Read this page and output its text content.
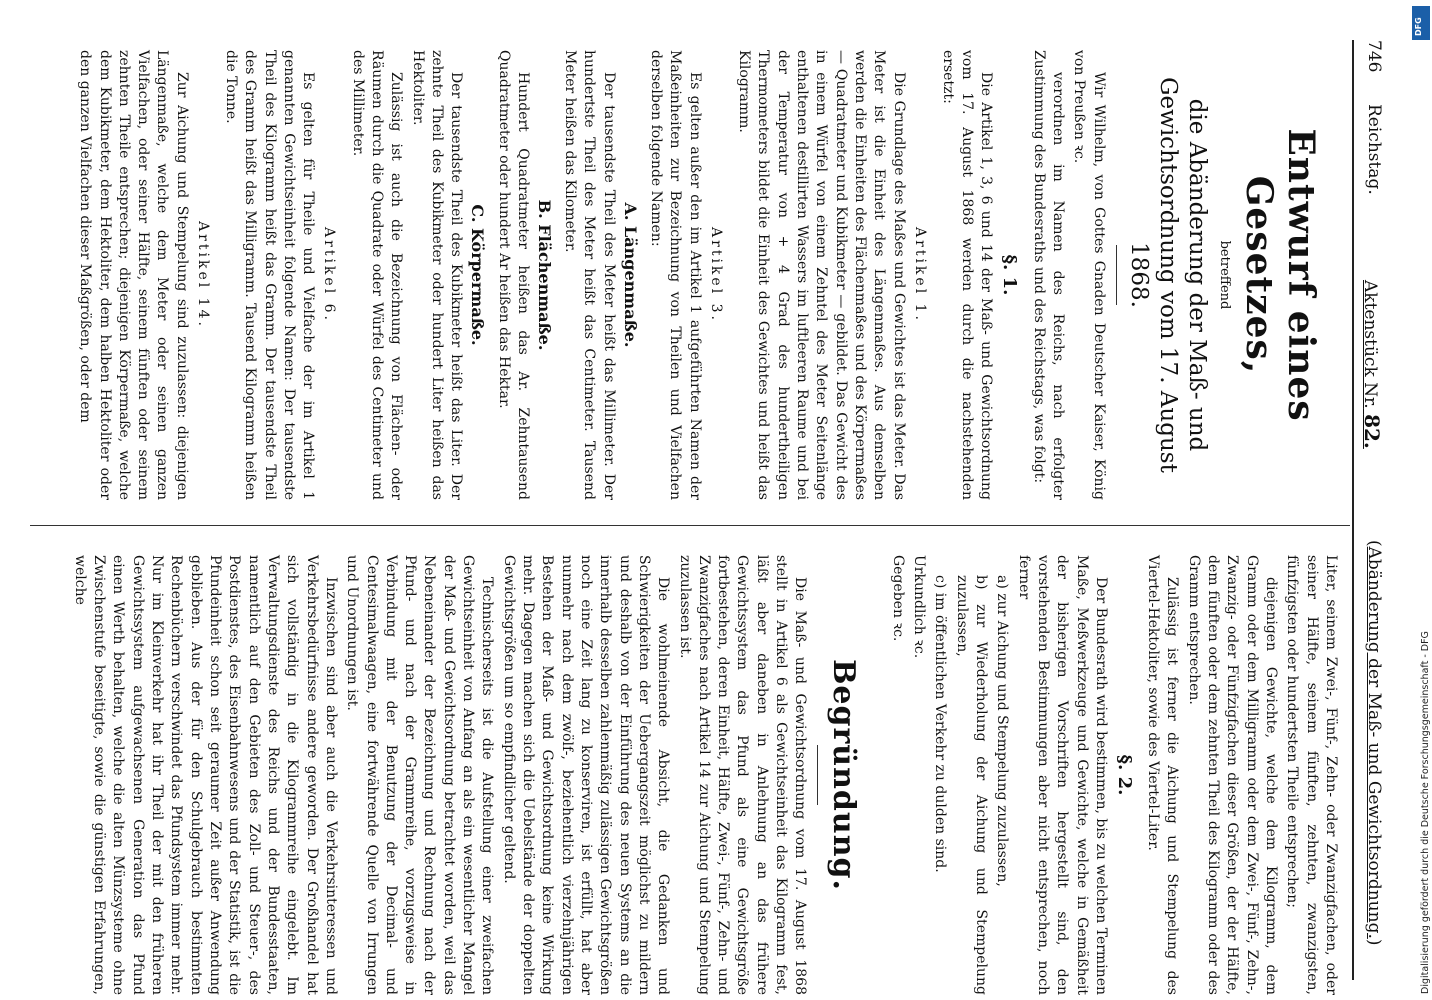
746
Reichstag.
Aktenstück Nr. 82.
(Abänderung der Maß- und Gewichtsordnung.)
Entwurf eines Gesetzes,
betreffend
die Abänderung der Maß- und Gewichtsordnung vom 17. August 1868.

Wir Wilhelm, von Gottes Gnaden Deutscher Kaiser, König von Preußen ꝛc.

verordnen im Namen des Reichs, nach erfolgter Zustimmung des Bundesraths und des Reichstags, was folgt:

§. 1.

Die Artikel 1, 3, 6 und 14 der Maß- und Gewichtsordnung vom 17. August 1868 werden durch die nachstehenden ersetzt:

Artikel 1.

Die Grundlage des Maßes und Gewichtes ist das Meter. Das Meter ist die Einheit des Längenmaßes. Aus demselben werden die Einheiten des Flächenmaßes und des Körpermaßes — Quadratmeter und Kubikmeter — gebildet. Das Gewicht des in einem Würfel von einem Zehntel des Meter Seitenlänge enthaltenen destillirten Wassers im luftleeren Raume und bei der Temperatur von + 4 Grad des hundertheiligen Thermometers bildet die Einheit des Gewichtes und heißt das Kilogramm.

Artikel 3.

Es gelten außer den im Artikel 1 aufgeführten Namen der Maßeinheiten zur Bezeichnung von Theilen und Vielfachen derselben folgende Namen:

A. Längenmaße.

Der tausendste Theil des Meter heißt das Millimeter. Der hundertste Theil des Meter heißt das Centimeter. Tausend Meter heißen das Kilometer.

B. Flächenmaße.

Hundert Quadratmeter heißen das Ar. Zehntausend Quadratmeter oder hundert Ar heißen das Hektar.

C. Körpermaße.

Der tausendste Theil des Kubikmeter heißt das Liter. Der zehnte Theil des Kubikmeter oder hundert Liter heißen das Hektoliter.

Zulässig ist auch die Bezeichnung von Flächen- oder Räumen durch die Quadrate oder Würfel des Centimeter und des Millimeter.

Artikel 6.

Es gelten für Theile und Vielfache der im Artikel 1 genannten Gewichtseinheit folgende Namen: Der tausendste Theil des Kilogramm heißt das Gramm. Der tausendste Theil des Gramm heißt das Milligramm. Tausend Kilogramm heißen die Tonne.

Artikel 14.

Zur Aichung und Stempelung sind zuzulassen: diejenigen Längenmaße, welche dem Meter oder seinen ganzen Vielfachen, oder seiner Hälfte, seinem fünften oder seinem zehnten Theile entsprechen; diejenigen Körpermaße, welche dem Kubikmeter, dem Hektoliter, dem halben Hektoliter oder den ganzen Vielfachen dieser Maßgrößen, oder dem

Liter, seinem Zwei-, Fünf-, Zehn- oder Zwanzigfachen, oder seiner Hälfte, seinem fünften, zehnten, zwanzigsten, fünfzigsten oder hundertsten Theile entsprechen;

diejenigen Gewichte, welche dem Kilogramm, dem Gramm oder dem Milligramm oder dem Zwei-, Fünf-, Zehn-, Zwanzig- oder Fünfzigfachen dieser Größen, der der Hälfte, dem fünften oder dem zehnten Theil des Kilogramm oder des Gramm entsprechen.

Zulässig ist ferner die Aichung und Stempelung des Viertel-Hektoliter, sowie des Viertel-Liter.

§. 2.

Der Bundesrath wird bestimmen, bis zu welchen Terminen Maße, Meßwerkzeuge und Gewichte, welche in Gemäßheit der bisherigen Vorschriften hergestellt sind, den vorstehenden Bestimmungen aber nicht entsprechen, noch ferner

a) zur Aichung und Stempelung zuzulassen,

b) zur Wiederholung der Aichung und Stempelung zuzulassen,

c) im öffentlichen Verkehr zu dulden sind.

Urkundlich ꝛc.

Gegeben ꝛc.

Begründung.

Die Maß- und Gewichtsordnung vom 17. August 1868 stellt in Artikel 6 als Gewichtseinheit das Kilogramm fest, läßt aber daneben in Anlehnung an das frühere Gewichtssystem das Pfund als eine Gewichtsgröße fortbestehen, deren Einheit, Hälfte, Zwei-, Fünf-, Zehn- und Zwanzigfaches nach Artikel 14 zur Aichung und Stempelung zuzulassen ist.

Die wohlmeinende Absicht, die Gedanken und Schwierigkeiten der Uebergangszeit möglichst zu mildern und deshalb von der Einführung des neuen Systems an die innerhalb desselben zahlenmäßig zulässigen Gewichtsgrößen noch eine Zeit lang zu konserviren, ist erfüllt, hat aber nunmehr nach dem zwölf-, beziehentlich vierzehnjährigen Bestehen der Maß- und Gewichtsordnung keine Wirkung mehr. Dagegen machen sich die Uebelstände der doppelten Gewichtsgrößen um so empfindlicher geltend.

Technischerseits ist die Aufstellung einer zweifachen Gewichtseinheit von Anfang an als ein wesentlicher Mangel der Maß- und Gewichtsordnung betrachtet worden, weil das Nebeneinander der Bezeichnung und Rechnung nach der Pfund- und nach der Grammreihe, vorzugsweise in Verbindung mit der Benutzung der Decimal- und Centesimalwaagen, eine fortwährende Quelle von Irrungen und Unordnungen ist.

Inzwischen sind aber auch die Verkehrsinteressen und Verkehrsbedürfnisse andere geworden. Der Großhandel hat sich vollständig in die Kilogrammreihe eingelebt. Im Verwaltungsdienste des Reichs und der Bundesstaaten, namentlich auf den Gebieten des Zoll- und Steuer-, des Postdienstes, des Eisenbahnwesens und der Statistik, ist die Pfundeinheit schon seit geraumer Zeit außer Anwendung geblieben. Aus der für den Schulgebrauch bestimmten Rechenbüchern verschwindet das Pfundsystem immer mehr. Nur im Kleinverkehr hat ihr Theil der mit den früheren Gewichtssystem aufgewachsenen Generation das Pfund einen Werth behalten, welche die alten Münzsysteme ohne Zwischenstufe beseitigte, sowie die günstigen Erfahrungen, welche

Digitalisierung gefördert durch die Deutsche Forschungsgemeinschaft - DFG
DFG
